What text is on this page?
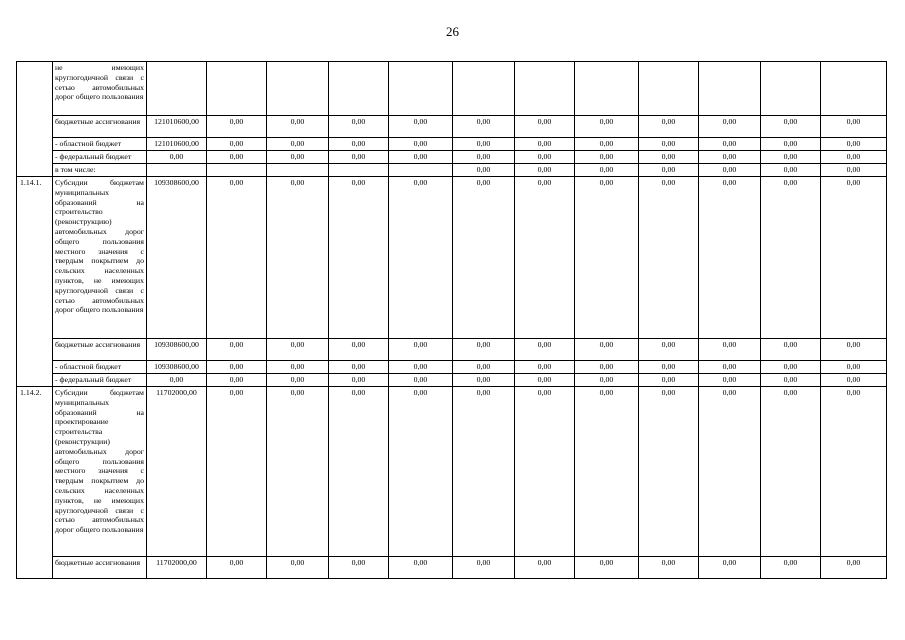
26
	не имеющих круглогодичной связи с сетью автомобильных дорог общего пользования													
	бюджетные ассигнования	121010600,00	0,00	0,00	0,00	0,00	0,00	0,00	0,00	0,00	0,00	0,00	0,00	
	- областной бюджет	121010600,00	0,00	0,00	0,00	0,00	0,00	0,00	0,00	0,00	0,00	0,00	0,00	
	- федеральный бюджет	0,00	0,00	0,00	0,00	0,00	0,00	0,00	0,00	0,00	0,00	0,00	0,00	
	в том числе:						0,00	0,00	0,00	0,00	0,00	0,00	0,00	
1.14.1.	Субсидии бюджетам муниципальных образований на строительство (реконструкцию) автомобильных дорог общего пользования местного значения с твердым покрытием до сельских населенных пунктов, не имеющих круглогодичной связи с сетью автомобильных дорог общего пользования	109308600,00	0,00	0,00	0,00	0,00	0,00	0,00	0,00	0,00	0,00	0,00	0,00	
	бюджетные ассигнования	109308600,00	0,00	0,00	0,00	0,00	0,00	0,00	0,00	0,00	0,00	0,00	0,00	
	- областной бюджет	109308600,00	0,00	0,00	0,00	0,00	0,00	0,00	0,00	0,00	0,00	0,00	0,00	
	- федеральный бюджет	0,00	0,00	0,00	0,00	0,00	0,00	0,00	0,00	0,00	0,00	0,00	0,00	
1.14.2.	Субсидии бюджетам муниципальных образований на проектирование строительства (реконструкции) автомобильных дорог общего пользования местного значения с твердым покрытием до сельских населенных пунктов, не имеющих круглогодичной связи с сетью автомобильных дорог общего пользования	11702000,00	0,00	0,00	0,00	0,00	0,00	0,00	0,00	0,00	0,00	0,00	0,00	
	бюджетные ассигнования	11702000,00	0,00	0,00	0,00	0,00	0,00	0,00	0,00	0,00	0,00	0,00	0,00	
